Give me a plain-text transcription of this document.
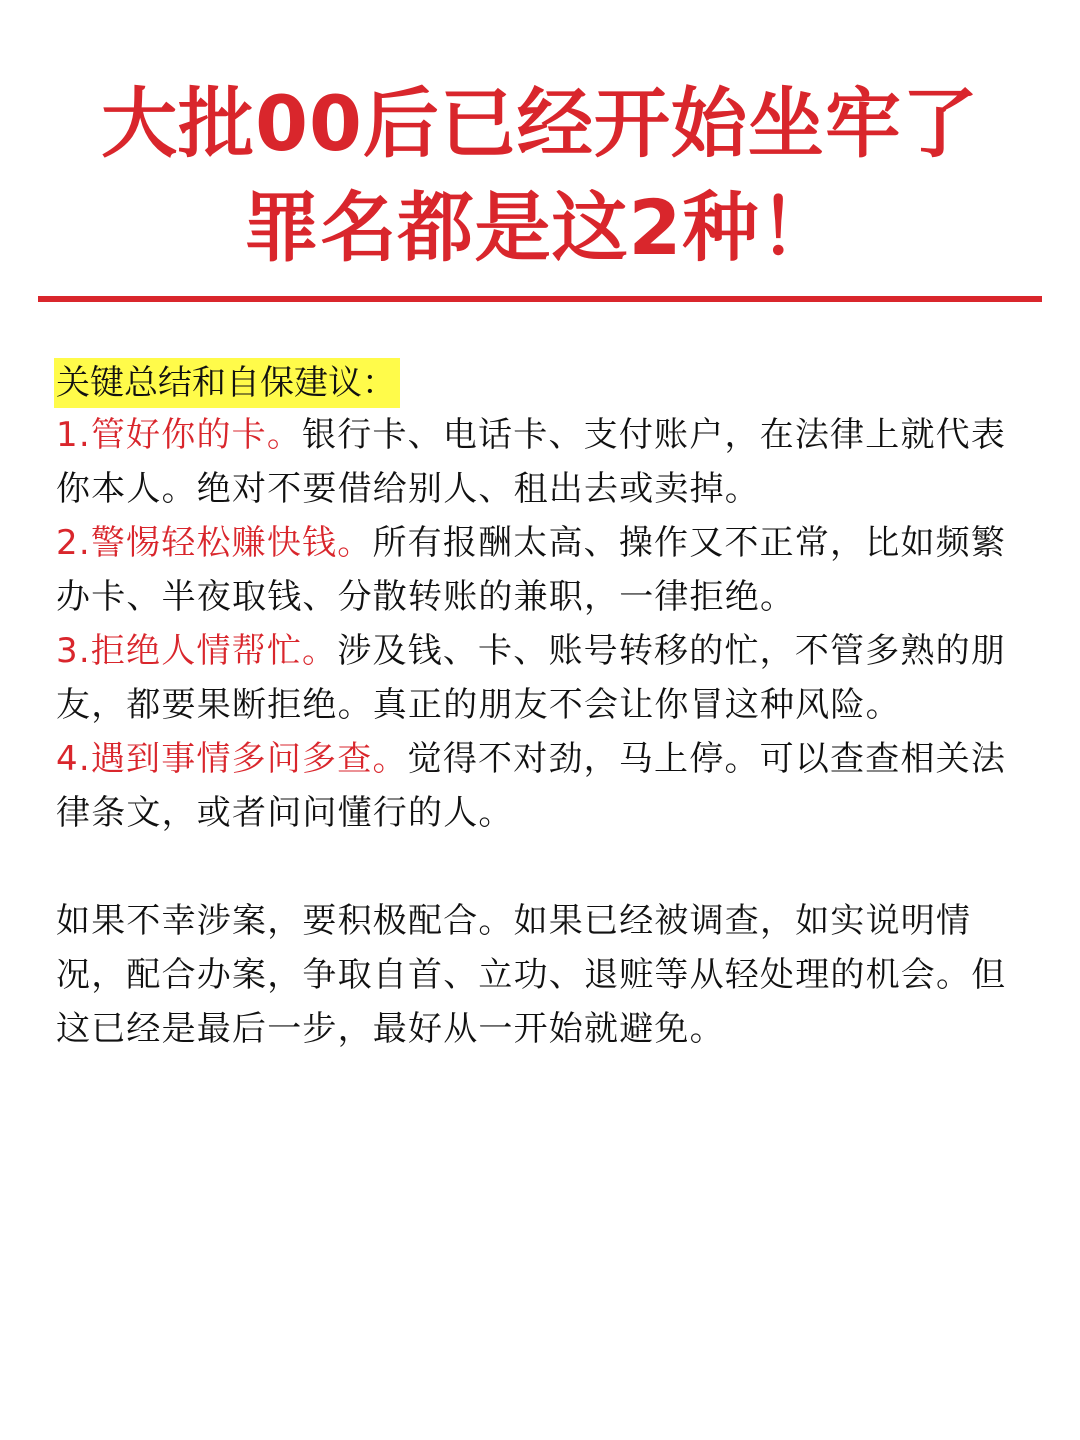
大批00后已经开始坐牢了
罪名都是这2种！
关键总结和自保建议：

1.管好你的卡。银行卡、电话卡、支付账户，在法律上就代表你本人。绝对不要借给别人、租出去或卖掉。

2.警惕轻松赚快钱。所有报酬太高、操作又不正常，比如频繁办卡、半夜取钱、分散转账的兼职，一律拒绝。

3.拒绝人情帮忙。涉及钱、卡、账号转移的忙，不管多熟的朋友，都要果断拒绝。真正的朋友不会让你冒这种风险。

4.遇到事情多问多查。觉得不对劲，马上停。可以查查相关法律条文，或者问问懂行的人。

如果不幸涉案，要积极配合。如果已经被调查，如实说明情况，配合办案，争取自首、立功、退赃等从轻处理的机会。但这已经是最后一步，最好从一开始就避免。
